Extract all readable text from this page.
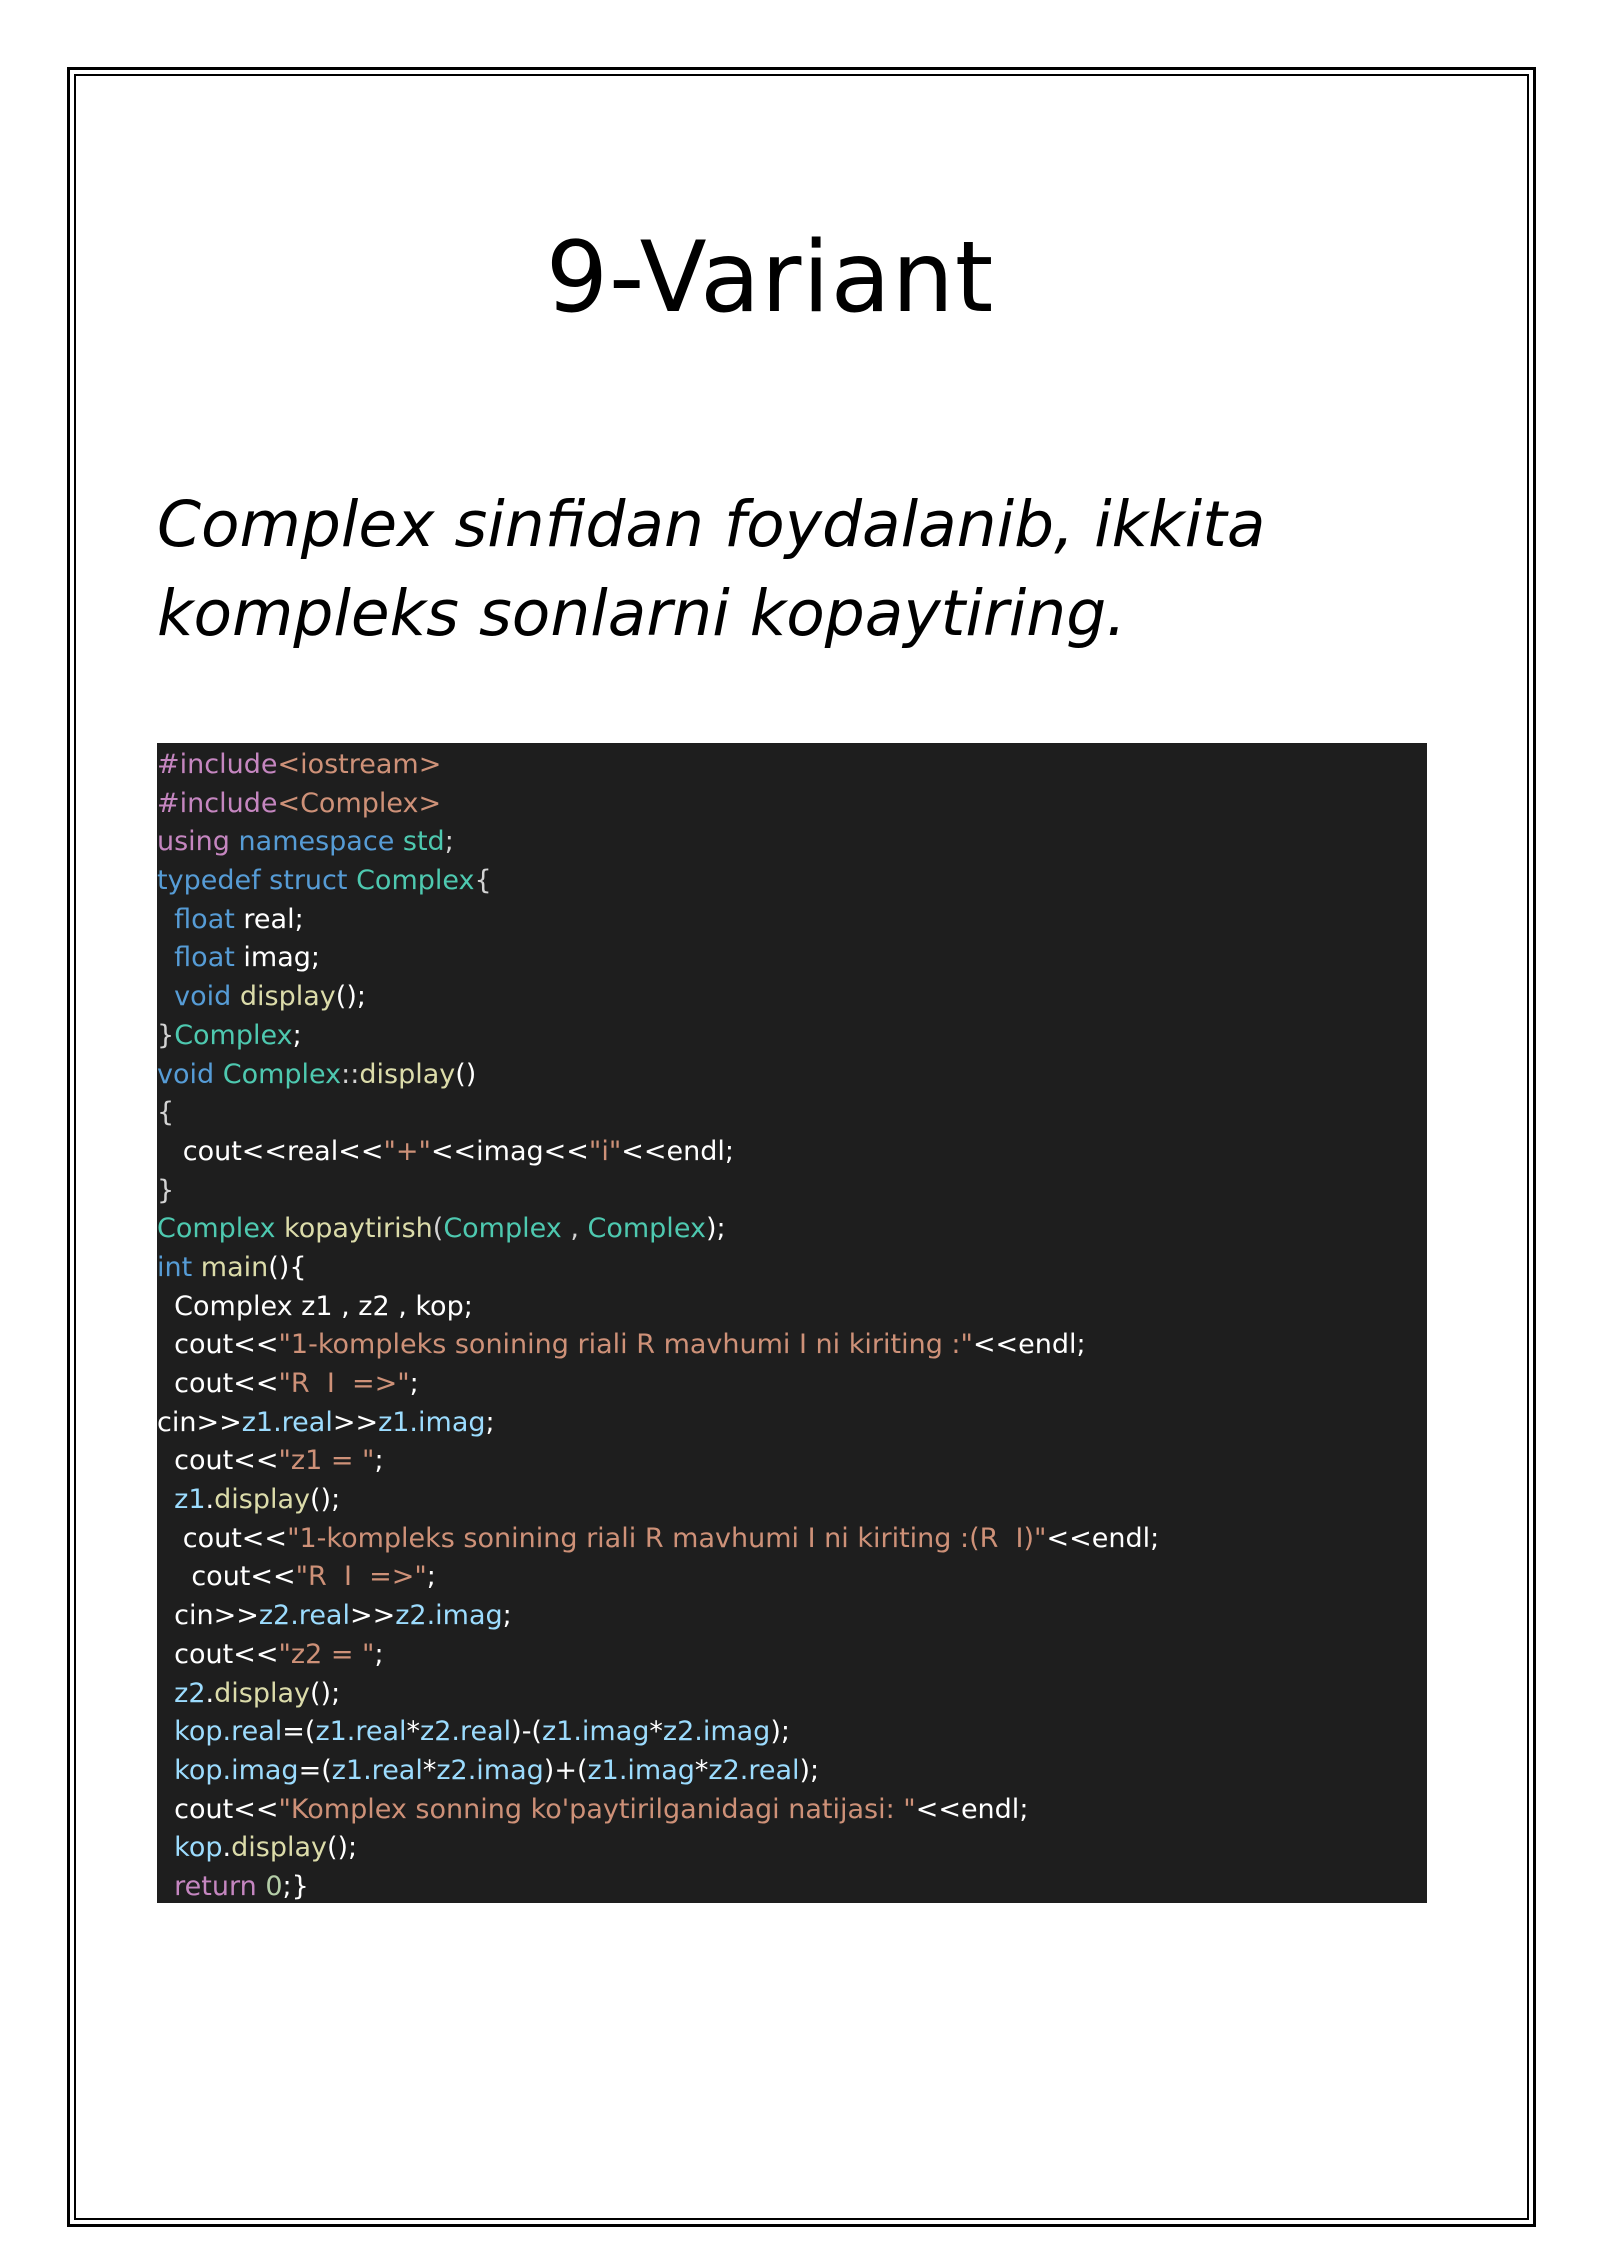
9-Variant

Complex sinfidan foydalanib, ikkita
kompleks sonlarni kopaytiring.

#include<iostream>
#include<Complex>
using namespace std;
typedef struct Complex{
float real;
float imag;
void display();
}Complex;
void Complex::display()
{
cout<<real<<"+"<<imag<<"i"<<endl;
}
Complex kopaytirish(Complex , Complex);
int main(){
Complex z1 , z2 , kop;
cout<<"1-kompleks sonining riali R mavhumi I ni kiriting :"<<endl;
cout<<"R  I  =>";
cin>>z1.real>>z1.imag;
cout<<"z1 = ";
z1.display();
cout<<"1-kompleks sonining riali R mavhumi I ni kiriting :(R  I)"<<endl;
cout<<"R  I  =>";
cin>>z2.real>>z2.imag;
cout<<"z2 = ";
z2.display();
kop.real=(z1.real*z2.real)-(z1.imag*z2.imag);
kop.imag=(z1.real*z2.imag)+(z1.imag*z2.real);
cout<<"Komplex sonning ko'paytirilganidagi natijasi: "<<endl;
kop.display();
return 0;}
